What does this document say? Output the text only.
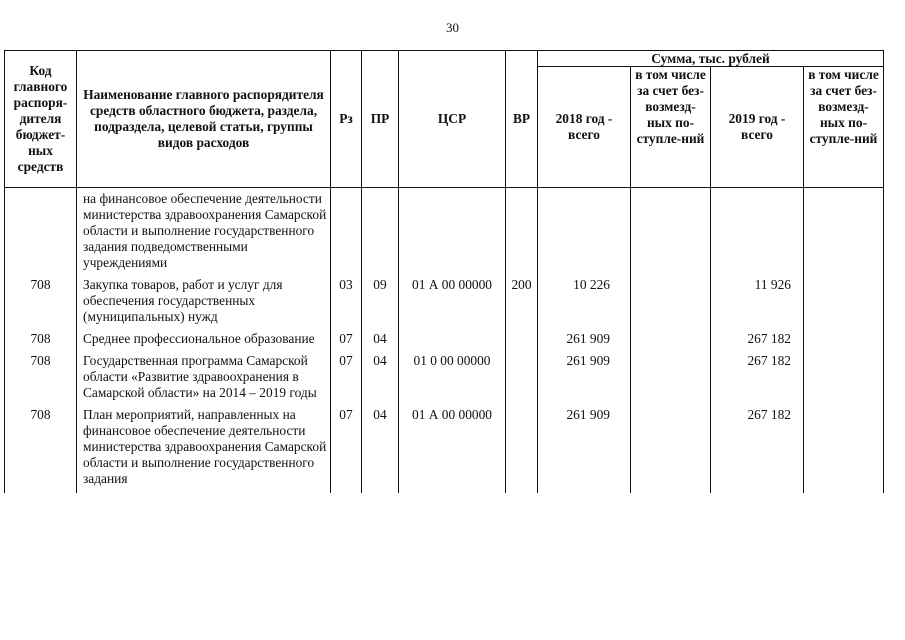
30
Код главного распоря-дителя бюджет-ных средств	Наименование главного распорядителя средств областного бюджета, раздела, подраздела, целевой статьи, группы видов расходов	Рз	ПР	ЦСР	ВР	Сумма, тыс. рублей			
						2018 год - всего	в том числе за счет без-возмезд-ных по-ступле-ний	2019 год - всего	в том числе за счет без-возмезд-ных по-ступле-ний
	на финансовое обеспечение деятельности министерства здравоохранения Самарской области и выполнение государственного задания подведомственными учреждениями								
708	Закупка товаров, работ и услуг для обеспечения государственных (муниципальных) нужд	03	09	01 А 00 00000	200	10 226		11 926	
708	Среднее профессиональное образование	07	04			261 909		267 182	
708	Государственная программа Самарской области «Развитие здравоохранения в Самарской области» на 2014 – 2019 годы	07	04	01 0 00 00000		261 909		267 182	
708	План мероприятий, направленных на финансовое обеспечение деятельности министерства здравоохранения Самарской области и выполнение государственного задания	07	04	01 А 00 00000		261 909		267 182	
